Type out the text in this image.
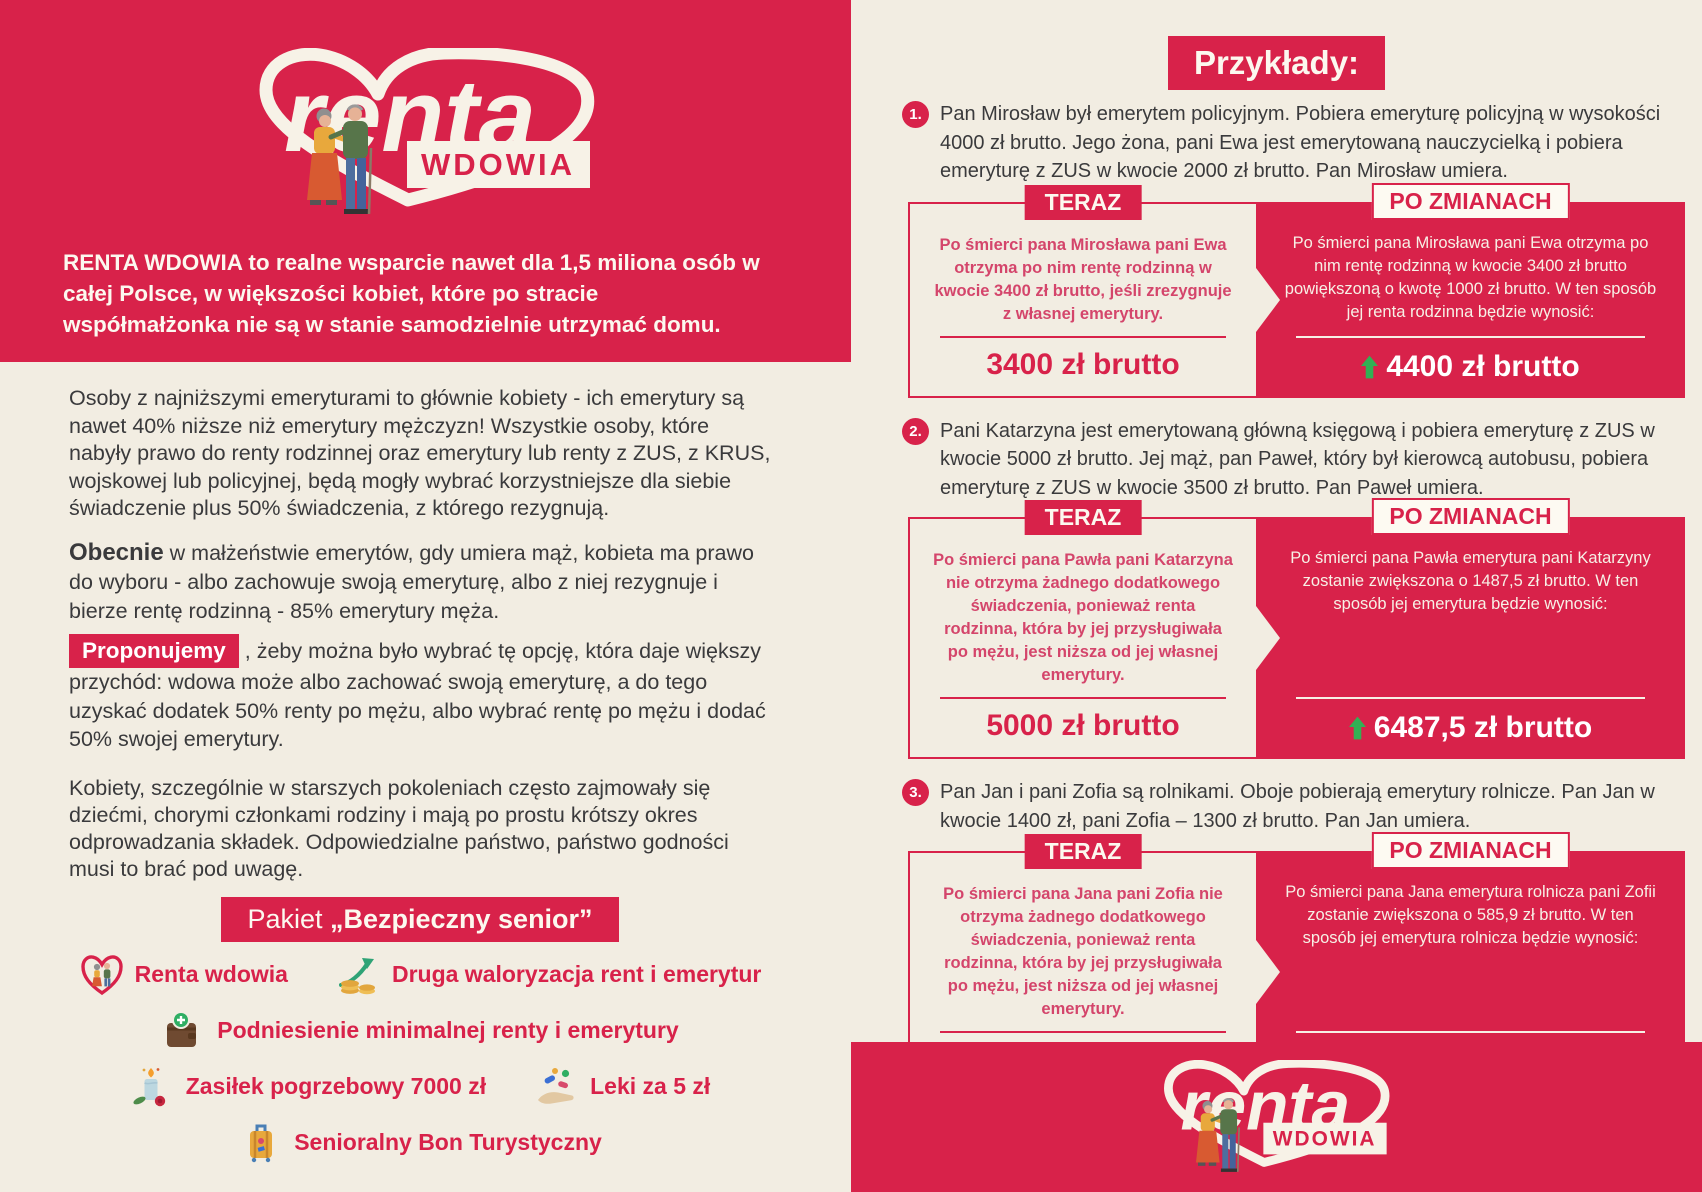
RENTA WDOWIA to realne wsparcie nawet dla 1,5 miliona osób w całej Polsce, w większości kobiet, które po stracie współmałżonka nie są w stanie samodzielnie utrzymać domu.

Osoby z najniższymi emeryturami to głównie kobiety - ich emerytury są nawet 40% niższe niż emerytury mężczyzn! Wszystkie osoby, które nabyły prawo do renty rodzinnej oraz emerytury lub renty z ZUS, z KRUS, wojskowej lub policyjnej, będą mogły wybrać korzystniejsze dla siebie świadczenie plus 50% świadczenia, z którego rezygnują.

Obecnie w małżeństwie emerytów, gdy umiera mąż, kobieta ma prawo do wyboru - albo zachowuje swoją emeryturę, albo z niej rezygnuje i bierze rentę rodzinną - 85% emerytury męża.

Proponujemy , żeby można było wybrać tę opcję, która daje większy przychód: wdowa może albo zachować swoją emeryturę, a do tego uzyskać dodatek 50% renty po mężu, albo wybrać rentę po mężu i dodać 50% swojej emerytury.

Kobiety, szczególnie w starszych pokoleniach często zajmowały się dziećmi, chorymi członkami rodziny i mają po prostu krótszy okres odprowadzania składek. Odpowiedzialne państwo, państwo godności musi to brać pod uwagę.

Pakiet „Bezpieczny senior”
Renta wdowia	Druga waloryzacja rent i emerytur
Podniesienie minimalnej renty i emerytury
Zasiłek pogrzebowy 7000 zł	Leki za 5 zł
Senioralny Bon Turystyczny
Przykłady:
1. Pan Mirosław był emerytem policyjnym. Pobiera emeryturę policyjną w wysokości 4000 zł brutto. Jego żona, pani Ewa jest emerytowaną nauczycielką i pobiera emeryturę z ZUS w kwocie 2000 zł brutto. Pan Mirosław umiera.

TERAZ

Po śmierci pana Mirosława pani Ewa otrzyma po nim rentę rodzinną w kwocie 3400 zł brutto, jeśli zrezygnuje z własnej emerytury.

3400 zł brutto
PO ZMIANACH

Po śmierci pana Mirosława pani Ewa otrzyma po nim rentę rodzinną w kwocie 3400 zł brutto powiększoną o kwotę 1000 zł brutto. W ten sposób jej renta rodzinna będzie wynosić:

4400 zł brutto
2. Pani Katarzyna jest emerytowaną główną księgową i pobiera emeryturę z ZUS w kwocie 5000 zł brutto. Jej mąż, pan Paweł, który był kierowcą autobusu, pobiera emeryturę z ZUS w kwocie 3500 zł brutto. Pan Paweł umiera.

TERAZ

Po śmierci pana Pawła pani Katarzyna nie otrzyma żadnego dodatkowego świadczenia, ponieważ renta rodzinna, która by jej przysługiwała po mężu, jest niższa od jej własnej emerytury.

5000 zł brutto
PO ZMIANACH

Po śmierci pana Pawła emerytura pani Katarzyny zostanie zwiększona o 1487,5 zł brutto. W ten sposób jej emerytura będzie wynosić:

6487,5 zł brutto
3. Pan Jan i pani Zofia są rolnikami. Oboje pobierają emerytury rolnicze. Pan Jan w kwocie 1400 zł, pani Zofia – 1300 zł brutto. Pan Jan umiera.

TERAZ

Po śmierci pana Jana pani Zofia nie otrzyma żadnego dodatkowego świadczenia, ponieważ renta rodzinna, która by jej przysługiwała po mężu, jest niższa od jej własnej emerytury.

PO ZMIANACH

Po śmierci pana Jana emerytura rolnicza pani Zofii zostanie zwiększona o 585,9 zł brutto. W ten sposób jej emerytura rolnicza będzie wynosić:
